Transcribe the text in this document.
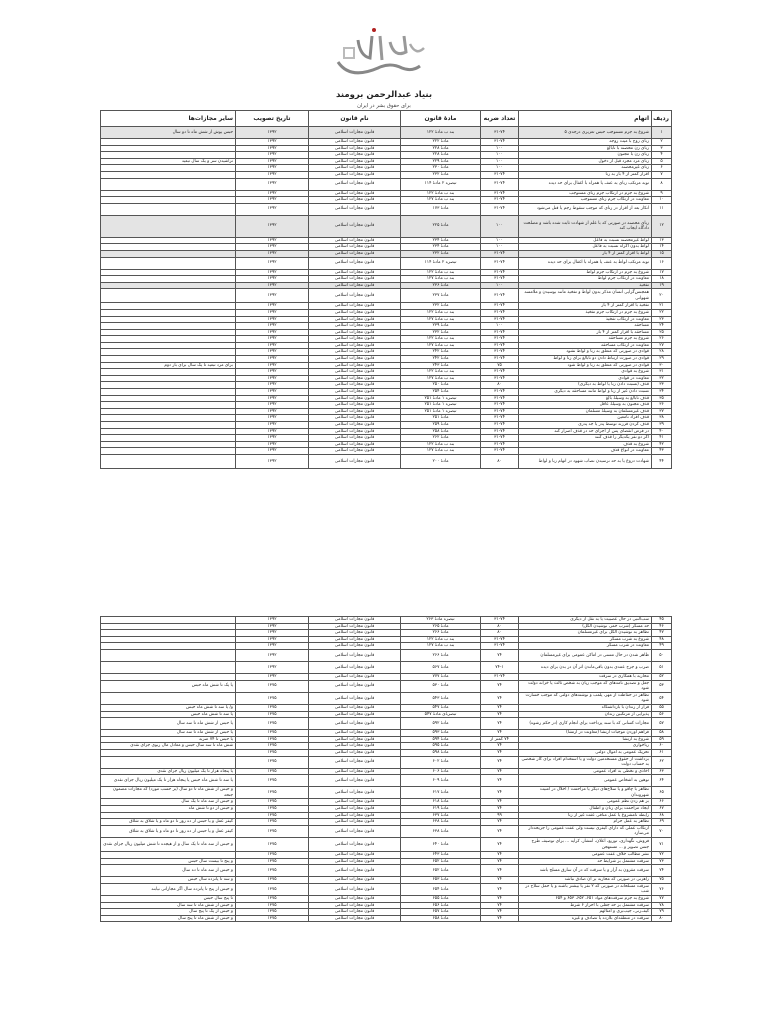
بنیاد عبدالرحمن برومند
برای حقوق بشر در ایران
ردیف	اتهام	تعداد ضربه	مادهٔ قانون	نام قانون	تاریخ تصویب	سایر مجازات‌ها
۱	شروع به جرم مستوجب حبس تعزیری درجه‌ی ۵	۳۱-۷۴	بند ب مادهٔ ۱۲۲	قانون مجازات اسلامی	۱۳۹۲	حبس یوش از شش ماه تا دو سال
۲	زنای زوج با میت زوجه	۳۱-۷۴	مادهٔ ۲۲۲	قانون مجازات اسلامی	۱۳۹۲	
۳	زنای زن محصنه با نابالغ	۱۰۰	مادهٔ ۲۲۸	قانون مجازات اسلامی	۱۳۹۲	
۴	زنای زن با مجنون	۱۰۰	مادهٔ ۲۲۸	قانون مجازات اسلامی	۱۳۹۲	
۵	زنای مرد مجرد قبل از دخول	۱۰۰	مادهٔ ۲۲۹	قانون مجازات اسلامی	۱۳۹۲	تراشیدن سر و یک سال تبعید
۶	زنای غیرمحصنه	۱۰۰	مادهٔ ۲۳۰	قانون مجازات اسلامی	۱۳۹۲	
۷	اقرار کمتر از ۴ بار به زنا	۳۱-۷۴	مادهٔ ۲۳۲	قانون مجازات اسلامی	۱۳۹۲	
۸	توبه مرتکب زنای به عنف یا همراه با اغفال برای حد دیده	۳۱-۷۴	تبصره ۲ مادهٔ ۱۱۴	قانون مجازات اسلامی	۱۳۹۲	
۹	شروع به جرم در ارتکاب جرم زنای مستوجب	۳۱-۷۴	بند ب مادهٔ ۱۲۲	قانون مجازات اسلامی	۱۳۹۲	
۱۰	معاونت در ارتکاب جرم زنای مستوجب	۳۱-۷۴	بند ب مادهٔ ۱۲۷	قانون مجازات اسلامی	۱۳۹۲	
۱۱	انکار بعد از اقرار در زنای که موجب سقوط رجم یا قتل می‌شود	۳۱-۷۴	مادهٔ ۱۷۳	قانون مجازات اسلامی	۱۳۹۲	
۱۲	زنای محصنه در صورتی که با علم از شهادت ثابت شده باشد و مصلحت دادگاه ایجاب کند	۱۰۰	مادهٔ ۲۲۵	قانون مجازات اسلامی	۱۳۹۲	
۱۳	لواط غیرمحصنه نسبت به فاعل	۱۰۰	مادهٔ ۲۳۴	قانون مجازات اسلامی	۱۳۹۲	
۱۴	لواط بدون اکراه نسبت به فاعل	۱۰۰	مادهٔ ۲۳۴	قانون مجازات اسلامی	۱۳۹۲	
۱۵	لواط با اقرار کمتر از ۴ بار	۳۱-۷۴	مادهٔ ۲۳۲	قانون مجازات اسلامی	۱۳۹۲	
۱۶	توبه مرتکب لواط به عنف یا همراه با اغفال برای حد دیده	۳۱-۷۴	تبصره ۲ مادهٔ ۱۱۴	قانون مجازات اسلامی	۱۳۹۲	
۱۷	شروع به جرم در ارتکاب جرم لواط	۳۱-۷۴	بند ب مادهٔ ۱۲۲	قانون مجازات اسلامی	۱۳۹۲	
۱۸	معاونت در ارتکاب جرم لواط	۳۱-۷۴	بند ب مادهٔ ۱۲۷	قانون مجازات اسلامی	۱۳۹۲	
۱۹	تفخیذ	۱۰۰	مادهٔ ۲۳۶	قانون مجازات اسلامی	۱۳۹۲	
۲۰	همجنس‌گرایی انسان مذکر بدون لواط و تفخیذ مانند بوسیدن و ملامسه شهوانی	۳۱-۷۴	مادهٔ ۲۳۷	قانون مجازات اسلامی	۱۳۹۲	
۲۱	تفخیذ با اقرار کمتر از ۴ بار	۳۱-۷۴	مادهٔ ۲۳۲	قانون مجازات اسلامی	۱۳۹۲	
۲۲	شروع به جرم در ارتکاب جرم تفخیذ	۳۱-۷۴	بند ب مادهٔ ۱۲۲	قانون مجازات اسلامی	۱۳۹۲	
۲۳	معاونت در ارتکاب تفخیذ	۳۱-۷۴	بند ب مادهٔ ۱۲۷	قانون مجازات اسلامی	۱۳۹۲	
۲۴	مساحقه	۱۰۰	مادهٔ ۲۳۹	قانون مجازات اسلامی	۱۳۹۲	
۲۵	مساحقه با اقرار کمتر از ۴ بار	۳۱-۷۴	مادهٔ ۲۳۲	قانون مجازات اسلامی	۱۳۹۲	
۲۶	شروع به جرم مساحقه	۳۱-۷۴	بند ب مادهٔ ۱۲۲	قانون مجازات اسلامی	۱۳۹۲	
۲۷	معاونت در ارتکاب مساحقه	۳۱-۷۴	بند ب مادهٔ ۱۲۷	قانون مجازات اسلامی	۱۳۹۲	
۲۸	قوادی در صورتی که متعلق به زنا و لواط نشود	۳۱-۷۴	مادهٔ ۲۴۲	قانون مجازات اسلامی	۱۳۹۲	
۲۹	قوادی در صورت ارتباط دادن دو نابالغ برای زنا و لواط	۳۱-۷۴	مادهٔ ۲۴۲	قانون مجازات اسلامی	۱۳۹۲	
۳۰	قوادی در صورتی که متعلق به زنا و لواط شود	۷۵	مادهٔ ۲۴۳	قانون مجازات اسلامی	۱۳۹۲	برای مرد تبعید تا یک سال برای بار دوم
۳۱	شروع به قوادی	۳۱-۷۴	بند ب مادهٔ ۱۲۲	قانون مجازات اسلامی	۱۳۹۲	
۳۲	معاونت در قوادی	۳۱-۷۴	بند ب مادهٔ ۱۲۷	قانون مجازات اسلامی	۱۳۹۲	
۳۳	قذف (نسبت دادن زنا یا لواط به دیگری)	۸۰	مادهٔ ۲۵۰	قانون مجازات اسلامی	۱۳۹۲	
۳۴	نسبت دادن غیر از زنا و لواط مانند مساحقه به دیگری	۳۱-۷۴	مادهٔ ۲۵۴	قانون مجازات اسلامی	۱۳۹۲	
۳۵	قذف نابالغ به وسیلهٔ بالغ	۳۱-۷۴	تبصره ۱ مادهٔ ۲۵۱	قانون مجازات اسلامی	۱۳۹۲	
۳۶	قذف مجنون به وسیلهٔ عاقل	۳۱-۷۴	تبصره ۱ مادهٔ ۲۵۱	قانون مجازات اسلامی	۱۳۹۲	
۳۷	قذف غیرمسلمان به وسیلهٔ مسلمان	۳۱-۷۴	تبصره ۱ مادهٔ ۲۵۱	قانون مجازات اسلامی	۱۳۹۲	
۳۸	قذف افراد نامعین	۳۱-۷۴	مادهٔ ۲۵۱	قانون مجازات اسلامی	۱۳۹۲	
۳۹	قذف کردن فرزند توسط پدر یا جد پدری	۳۱-۷۴	مادهٔ ۲۵۹	قانون مجازات اسلامی	۱۳۹۲	
۴۰	در فرض انقضای پس از اجرای حد در قذف اصرار کند	۳۱-۷۴	مادهٔ ۲۵۸	قانون مجازات اسلامی	۱۳۹۲	
۴۱	اگر دو نفر یکدیگر را قذف کنند	۳۱-۷۴	مادهٔ ۲۶۲	قانون مجازات اسلامی	۱۳۹۲	
۴۲	شروع به قذف	۳۱-۷۴	بند ب مادهٔ ۱۲۲	قانون مجازات اسلامی	۱۳۹۲	
۴۳	معاونت در انواع قذف	۳۱-۷۴	بند ب مادهٔ ۱۲۷	قانون مجازات اسلامی	۱۳۹۲	
۴۴	شهادت دروغ یا به حد نرسیدن نصاب شهود در اتهام زنا و لواط	۸۰	مادهٔ ۲۰۰	قانون مجازات اسلامی	۱۳۹۲	
۴۵	سب‌النبی در حال عصبیت یا به نقل از دیگری	۳۱-۷۴	تبصره مادهٔ ۲۶۳	قانون مجازات اسلامی	۱۳۹۲	
۴۶	حد مسکر (شرب خمر، نوشیدن الکل)	۸۰	مادهٔ ۲۶۵	قانون مجازات اسلامی	۱۳۹۲	
۴۷	تظاهر به نوشیدن الکل برای غیرمسلمان	۸۰	مادهٔ ۲۶۶	قانون مجازات اسلامی	۱۳۹۲	
۴۸	شروع به شرب مسکر	۳۱-۷۴	بند ب مادهٔ ۱۲۲	قانون مجازات اسلامی	۱۳۹۲	
۴۹	معاونت در شرب مسکر	۳۱-۷۴	بند ب مادهٔ ۱۲۷	قانون مجازات اسلامی	۱۳۹۲	
۵۰	ظاهر شدن در حال مستی در اماکن عمومی برای غیرمسلمان	۷۴	مادهٔ ۲۶۶	قانون مجازات اسلامی	۱۳۹۲	
۵۱	ضرب و جرح عمدی بدون باقی‌ماندن اثر آن در بدن برای دیده	۷۴-۱	مادهٔ ۵۶۷	قانون مجازات اسلامی	۱۳۹۲	
۵۲	محاربه با همکاری در سرقت	۳۱-۷۴	مادهٔ ۷۷۷	قانون مجازات اسلامی	۱۳۹۲	
۵۳	جعل و تصدیق نامه‌های که موجب زیان به شخص ثالث یا خزانه دولت شود	۷۴	مادهٔ ۵۳۰	قانون مجازات اسلامی	۱۳۷۵	یا یک تا شش ماه حبس
۵۴	تظاهر در حفاظت از مهر، پلمب و نوشته‌های دولتی که موجب خسارت شود	۷۴	مادهٔ ۵۴۳	قانون مجازات اسلامی	۱۳۷۵	
۵۵	فرار از زندان با بازداشتگاه	۷۴	مادهٔ ۵۴۷	قانون مجازات اسلامی	۱۳۷۵	و/ یا سه تا شش ماه حبس
۵۶	پذیرایی از مرتکبین زندان	۷۴	تبصرهٔ‌ی مادهٔ ۵۴۷	قانون مجازات اسلامی	۱۳۷۵	یا سه تا شش ماه حبس
۵۷	مجازات کسانی که با سند پرداخت برای انجام کاری (در حکم رشوه)	۷۴	مادهٔ ۵۹۲	قانون مجازات اسلامی	۱۳۷۵	یا حبس از شش ماه تا سه سال
۵۸	فراهم آوردن موجبات ارتشا (معاونت در ارتشا)	۷۴	مادهٔ ۵۹۳	قانون مجازات اسلامی	۱۳۷۵	یا حبس از شش ماه تا سه سال
۵۹	شروع به ارتشا	۷۴ کمتر از	مادهٔ ۵۹۴	قانون مجازات اسلامی	۱۳۷۵	یا حبس تا ۷۴ ضربه
۶۰	ربا‌خواری	۷۴	مادهٔ ۵۹۵	قانون مجازات اسلامی	۱۳۷۵	شش ماه تا سه سال حبس و معادل مال ربوی جزای نقدی
۶۱	تحریک عمومی به اموال دولتی	۷۴	مادهٔ ۵۹۸	قانون مجازات اسلامی	۱۳۷۵	
۶۲	برداشت از حقوق مستخدمین دولت و یا استخدام افراد برای کار شخصی به حساب دولت	۷۴	مادهٔ ۶۰۲	قانون مجازات اسلامی	۱۳۷۵	
۶۳	اخاذی و تخطی به افراد عمومی	۷۴	مادهٔ ۶۰۶	قانون مجازات اسلامی	۱۳۷۵	یا پنجاه هزار تا یک میلیون ریال جزای نقدی
۶۴	توهین به اشخاص عمومی	۷۴	مادهٔ ۶۰۹	قانون مجازات اسلامی	۱۳۷۵	یا سه تا شش ماه حبس یا پنجاه هزار تا یک میلیون ریال جزای نقدی
۶۵	تظاهر با چاقو و یا سلاح‌های دیگر یا مزاحمت / اخلال در امنیت شهروندان	۷۴	مادهٔ ۶۱۷	قانون مجازات اسلامی	۱۳۷۵	و حبس از شش ماه تا دو سال (بر حسب مورد) که مجازات مضمون جنحه
۶۶	بر هم زدن نظم عمومی	۷۴	مادهٔ ۶۱۸	قانون مجازات اسلامی	۱۳۷۵	و حبس از سه ماه تا یک سال
۶۷	ایجاد مزاحمت برای زنان و اطفال	۷۴	مادهٔ ۶۱۹	قانون مجازات اسلامی	۱۳۷۵	و حبس از دو تا شش ماه
۶۸	رابطه نامشروع یا عمل منافی عفت غیر از زنا	۹۹	مادهٔ ۶۳۷	قانون مجازات اسلامی	۱۳۷۵	
۶۹	تظاهر به عمل حرام	۷۴	مادهٔ ۶۳۸	قانون مجازات اسلامی	۱۳۷۵	کیفر عمل و یا حبس از ده روز تا دو ماه و یا شلاق به شلاق
۷۰	ارتکاب عملی که دارای کیفری نیست ولی عفت عمومی را جریحه‌دار می‌سازد	۷۴	مادهٔ ۶۳۸	قانون مجازات اسلامی	۱۳۷۵	کیفر عمل و یا حبس از ده روز تا دو ماه و یا شلاق به شلاق
۷۱	فروش، نگهداری، توزیع، اعلان، انتشار، کرایه ... برای توصیف طرح جنس تصویر و ... مستهجن	۷۴	مادهٔ ۶۴۰	قانون مجازات اسلامی	۱۳۷۵	و حبس از سه ماه تا یک سال و از هیجده تا شش میلیون ریال جزای نقدی
۷۲	نشر مطالب خلاف عفت عمومی	۷۴	مادهٔ ۶۴۳	قانون مجازات اسلامی	۱۳۷۵	
۷۳	سرقت مشتمل بر شرایط حد	۷۴	مادهٔ ۶۵۲	قانون مجازات اسلامی	۱۳۷۵	و پنج تا بیست سال حبس
۷۴	سرقت مقرون به آزار و یا سرقت که در آن سارق مسلح باشد	۷۴	مادهٔ ۶۵۲	قانون مجازات اسلامی	۱۳۷۵	و حبس از سه ماه تا ده سال
۷۵	راهزنی در صورتی که محاربه بر آن صادق نباشد	۷۴	مادهٔ ۶۵۳	قانون مجازات اسلامی	۱۳۷۵	و سه تا پانزده سال حبس
۷۶	سرقت مسلحانه در صورتی که ۲ نفر یا بیشتر باشند و یا حمل سلاح در شب	۷۴	مادهٔ ۶۵۴	قانون مجازات اسلامی	۱۳۷۵	و حبس از پنج تا پانزده سال اگر مجازاتی نیابند
۷۷	شروع به جرم سرقت‌های مواد ۶۵۱، ۶۵۲، ۶۵۳ و ۶۵۴	۷۴	مادهٔ ۶۵۵	قانون مجازات اسلامی	۱۳۷۵	تا پنج سال حبس
۷۸	سرقت مشتمل بر حد جعلی با احراز ۶ شرط	۷۴	مادهٔ ۶۵۶	قانون مجازات اسلامی	۱۳۷۵	و حبس از شش ماه تا سه سال
۷۹	کیف‌زنی، جیب‌بری و امثالهم	۷۴	مادهٔ ۶۵۷	قانون مجازات اسلامی	۱۳۷۵	و حبس از یک تا پنج سال
۸۰	سرقت در منطقه‌ای بلازده یا تصادف و غیره	۷۴	مادهٔ ۶۵۸	قانون مجازات اسلامی	۱۳۷۵	و حبس از شش ماه تا پنج سال
